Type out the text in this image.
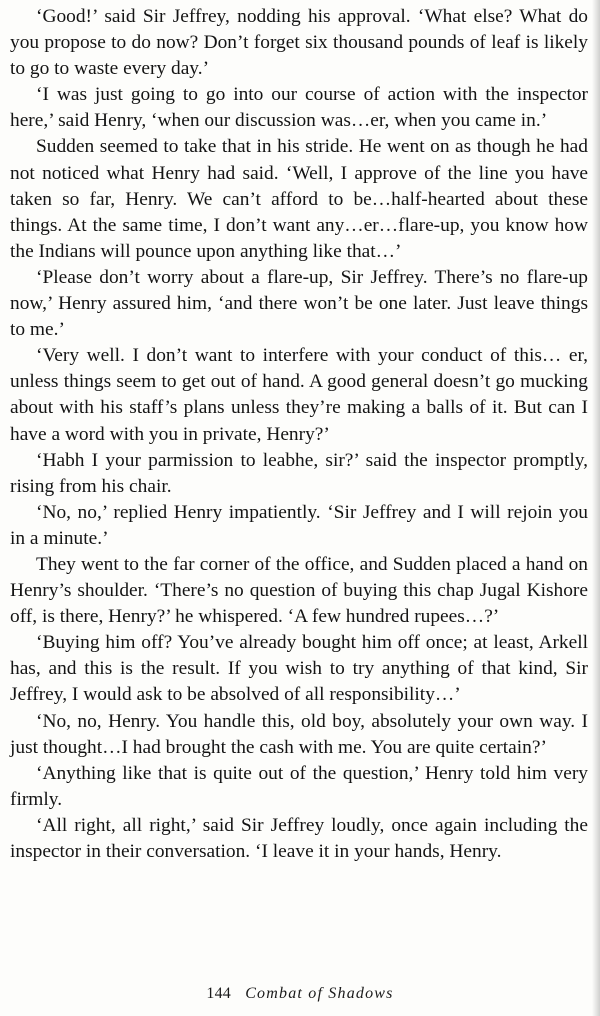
‘Good!’ said Sir Jeffrey, nodding his approval. ‘What else? What do you propose to do now? Don’t forget six thousand pounds of leaf is likely to go to waste every day.’

‘I was just going to go into our course of action with the inspector here,’ said Henry, ‘when our discussion was…er, when you came in.’

Sudden seemed to take that in his stride. He went on as though he had not noticed what Henry had said. ‘Well, I approve of the line you have taken so far, Henry. We can’t afford to be…half-hearted about these things. At the same time, I don’t want any…er…flare-up, you know how the Indians will pounce upon anything like that…’

‘Please don’t worry about a flare-up, Sir Jeffrey. There’s no flare-up now,’ Henry assured him, ‘and there won’t be one later. Just leave things to me.’

‘Very well. I don’t want to interfere with your conduct of this… er, unless things seem to get out of hand. A good general doesn’t go mucking about with his staff’s plans unless they’re making a balls of it. But can I have a word with you in private, Henry?’

‘Habh I your parmission to leabhe, sir?’ said the inspector promptly, rising from his chair.

‘No, no,’ replied Henry impatiently. ‘Sir Jeffrey and I will rejoin you in a minute.’

They went to the far corner of the office, and Sudden placed a hand on Henry’s shoulder. ‘There’s no question of buying this chap Jugal Kishore off, is there, Henry?’ he whispered. ‘A few hundred rupees…?’

‘Buying him off? You’ve already bought him off once; at least, Arkell has, and this is the result. If you wish to try anything of that kind, Sir Jeffrey, I would ask to be absolved of all responsibility…’

‘No, no, Henry. You handle this, old boy, absolutely your own way. I just thought…I had brought the cash with me. You are quite certain?’

‘Anything like that is quite out of the question,’ Henry told him very firmly.

‘All right, all right,’ said Sir Jeffrey loudly, once again including the inspector in their conversation. ‘I leave it in your hands, Henry.

144 Combat of Shadows
